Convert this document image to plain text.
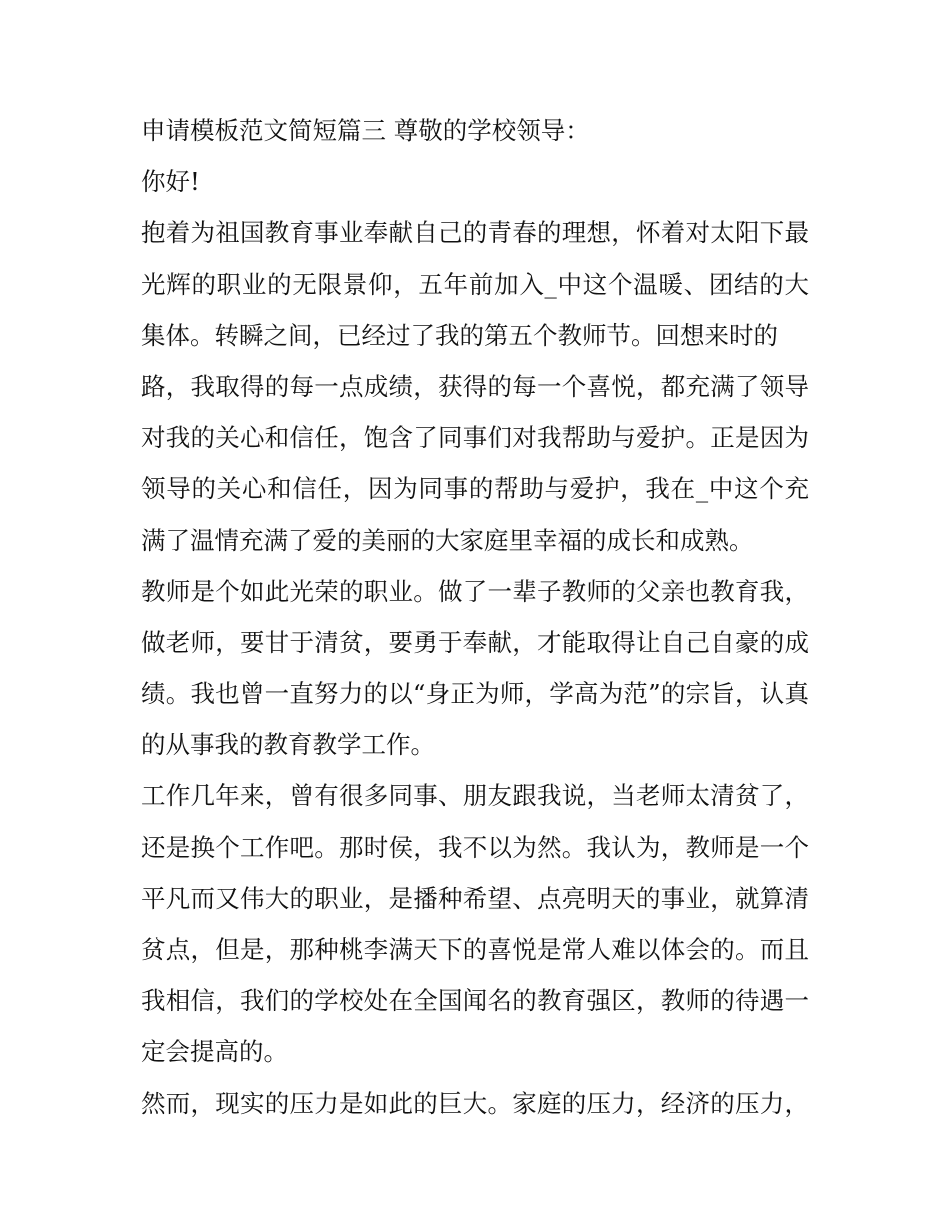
申请模板范文简短篇三 尊敬的学校领导：
你好!
抱着为祖国教育事业奉献自己的青春的理想，怀着对太阳下最
光辉的职业的无限景仰，五年前加入_中这个温暖、团结的大
集体。转瞬之间，已经过了我的第五个教师节。回想来时的
路，我取得的每一点成绩，获得的每一个喜悦，都充满了领导
对我的关心和信任，饱含了同事们对我帮助与爱护。正是因为
领导的关心和信任，因为同事的帮助与爱护，我在_中这个充
满了温情充满了爱的美丽的大家庭里幸福的成长和成熟。
教师是个如此光荣的职业。做了一辈子教师的父亲也教育我，
做老师，要甘于清贫，要勇于奉献，才能取得让自己自豪的成
绩。我也曾一直努力的以“身正为师，学高为范”的宗旨，认真
的从事我的教育教学工作。
工作几年来，曾有很多同事、朋友跟我说，当老师太清贫了，
还是换个工作吧。那时侯，我不以为然。我认为，教师是一个
平凡而又伟大的职业，是播种希望、点亮明天的事业，就算清
贫点，但是，那种桃李满天下的喜悦是常人难以体会的。而且
我相信，我们的学校处在全国闻名的教育强区，教师的待遇一
定会提高的。
然而，现实的压力是如此的巨大。家庭的压力，经济的压力，
